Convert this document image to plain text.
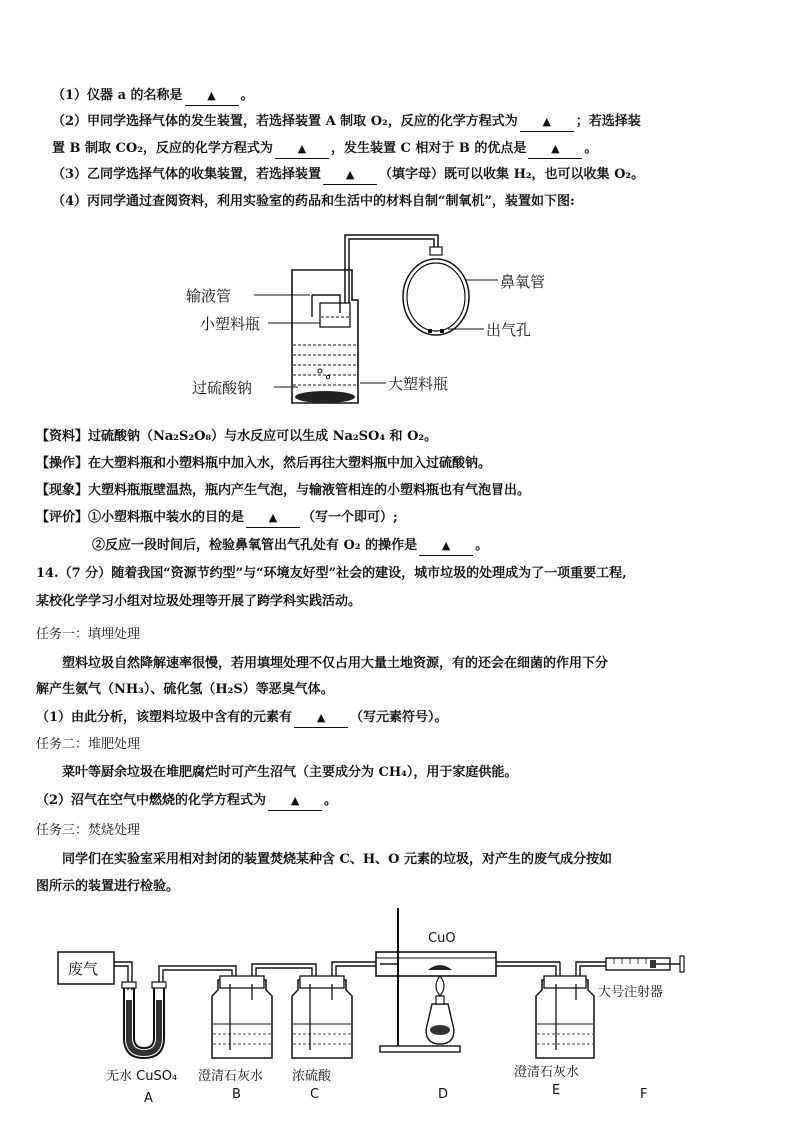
（1）仪器 a 的名称是 ▲ 。
（2）甲同学选择气体的发生装置，若选择装置 A 制取 O₂，反应的化学方程式为 ▲ ；若选择装
置 B 制取 CO₂，反应的化学方程式为 ▲ ，发生装置 C 相对于 B 的优点是 ▲ 。
（3）乙同学选择气体的收集装置，若选择装置 ▲ （填字母）既可以收集 H₂，也可以收集 O₂。
（4）丙同学通过查阅资料，利用实验室的药品和生活中的材料自制“制氧机”，装置如下图:
输液管
小塑料瓶
过硫酸钠	大塑料瓶
鼻氧管
出气孔
【资料】过硫酸钠（Na₂S₂O₈）与水反应可以生成 Na₂SO₄ 和 O₂。
【操作】在大塑料瓶和小塑料瓶中加入水，然后再往大塑料瓶中加入过硫酸钠。
【现象】大塑料瓶瓶壁温热，瓶内产生气泡，与输液管相连的小塑料瓶也有气泡冒出。
【评价】①小塑料瓶中装水的目的是 ▲ （写一个即可）;
②反应一段时间后，检验鼻氧管出气孔处有 O₂ 的操作是 ▲ 。
14.（7 分）随着我国“资源节约型”与“环境友好型”社会的建设，城市垃圾的处理成为了一项重要工程,
某校化学学习小组对垃圾处理等开展了跨学科实践活动。
任务一：填埋处理
塑料垃圾自然降解速率很慢，若用填埋处理不仅占用大量土地资源，有的还会在细菌的作用下分
解产生氨气（NH₃）、硫化氢（H₂S）等恶臭气体。
（1）由此分析，该塑料垃圾中含有的元素有 ▲ （写元素符号）。
任务二：堆肥处理
菜叶等厨余垃圾在堆肥腐烂时可产生沼气（主要成分为 CH₄），用于家庭供能。
（2）沼气在空气中燃烧的化学方程式为 ▲ 。
任务三：焚烧处理
同学们在实验室采用相对封闭的装置焚烧某种含 C、H、O 元素的垃圾，对产生的废气成分按如
图所示的装置进行检验。
废气
CuO
大号注射器
无水 CuSO₄ 澄清石灰水 浓硫酸	澄清石灰水
A	B	C	D	E	F
